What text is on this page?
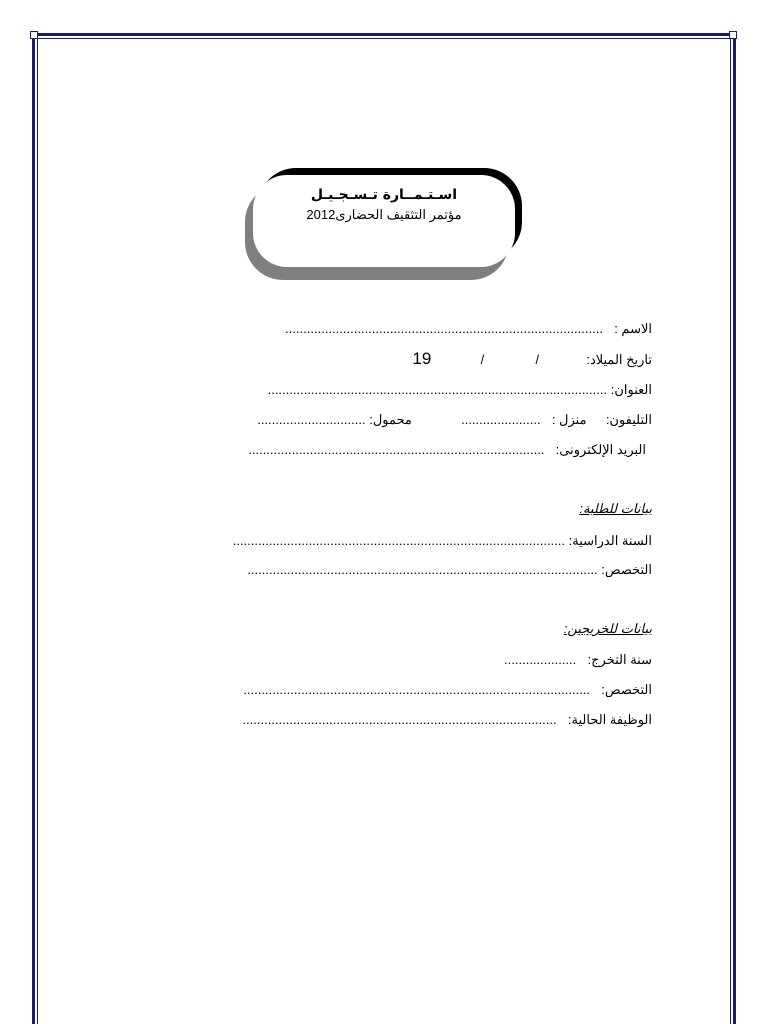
اسـتـمــارة تـسـجـيـل
مؤتمر التثقيف الحضارى2012
الاسم :  ........................................................................................
تاريخ الميلاد:  /  /  19
العنوان: ..............................................................................................
التليفون:  منزل :  ......................  محمول: ..............................
البريد الإلكترونى:  ..................................................................................
بيانات للطلبة:
السنة الدراسية: ............................................................................................
التخصص: .................................................................................................
بيانات للخريجين:
سنة التخرج:  ....................
التخصص:  ................................................................................................
الوظيفة الحالية:  .......................................................................................
